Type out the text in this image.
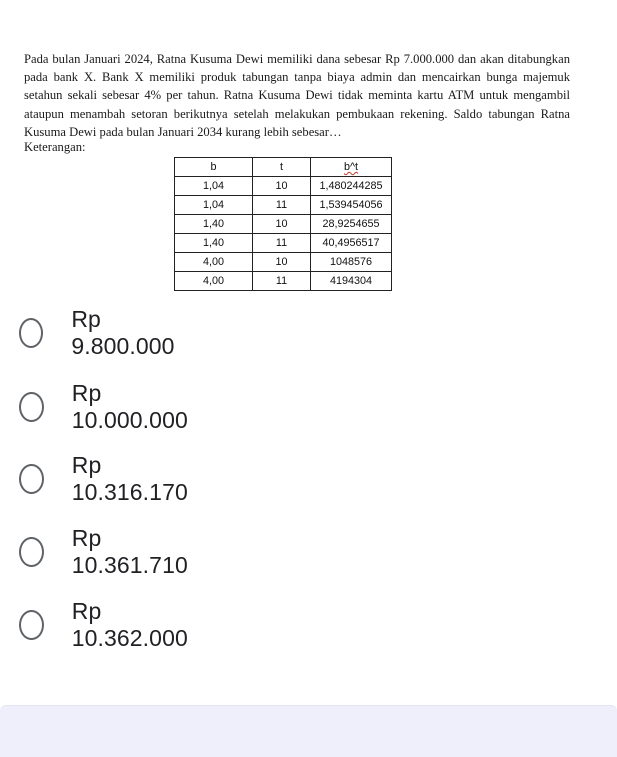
Pada bulan Januari 2024, Ratna Kusuma Dewi memiliki dana sebesar Rp 7.000.000 dan akan ditabungkan pada bank X. Bank X memiliki produk tabungan tanpa biaya admin dan mencairkan bunga majemuk setahun sekali sebesar 4% per tahun. Ratna Kusuma Dewi tidak meminta kartu ATM untuk mengambil ataupun menambah setoran berikutnya setelah melakukan pembukaan rekening. Saldo tabungan Ratna Kusuma Dewi pada bulan Januari 2034 kurang lebih sebesar…

Keterangan:
b	t	b^t
1,04	10	1,480244285
1,04	11	1,539454056
1,40	10	28,9254655
1,40	11	40,4956517
4,00	10	1048576
4,00	11	4194304
Rp 9.800.000
Rp 10.000.000
Rp 10.316.170
Rp 10.361.710
Rp 10.362.000
